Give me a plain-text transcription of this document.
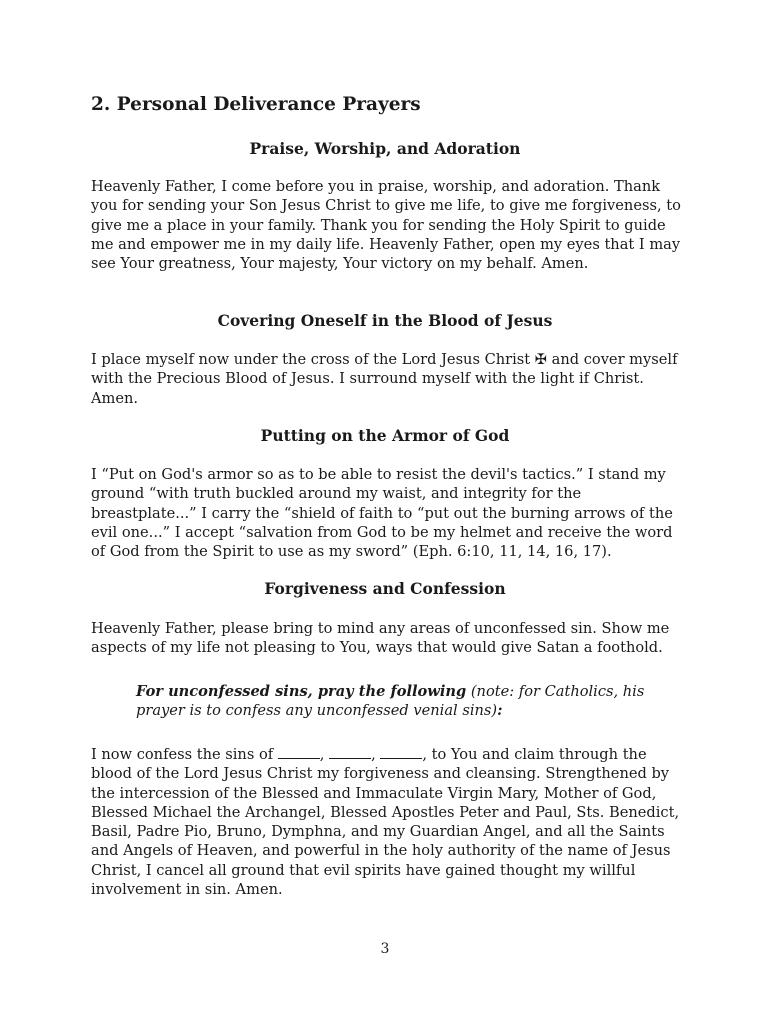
2. Personal Deliverance Prayers
Praise, Worship, and Adoration

Heavenly Father, I come before you in praise, worship, and adoration. Thank you for sending your Son Jesus Christ to give me life, to give me forgiveness, to give me a place in your family. Thank you for sending the Holy Spirit to guide me and empower me in my daily life. Heavenly Father, open my eyes that I may see Your greatness, Your majesty, Your victory on my behalf. Amen.

Covering Oneself in the Blood of Jesus

I place myself now under the cross of the Lord Jesus Christ ✠ and cover myself with the Precious Blood of Jesus. I surround myself with the light if Christ. Amen.

Putting on the Armor of God

I “Put on God's armor so as to be able to resist the devil's tactics.” I stand my ground “with truth buckled around my waist, and integrity for the breastplate...” I carry the “shield of faith to “put out the burning arrows of the evil one...” I accept “salvation from God to be my helmet and receive the word of God from the Spirit to use as my sword” (Eph. 6:10, 11, 14, 16, 17).

Forgiveness and Confession

Heavenly Father, please bring to mind any areas of unconfessed sin. Show me aspects of my life not pleasing to You, ways that would give Satan a foothold.

For unconfessed sins, pray the following (note: for Catholics, his prayer is to confess any unconfessed venial sins):

I now confess the sins of	,	,	, to You and claim through the blood of the Lord Jesus Christ my forgiveness and cleansing. Strengthened by the intercession of the Blessed and Immaculate Virgin Mary, Mother of God, Blessed Michael the Archangel, Blessed Apostles Peter and Paul, Sts. Benedict, Basil, Padre Pio, Bruno, Dymphna, and my Guardian Angel, and all the Saints and Angels of Heaven, and powerful in the holy authority of the name of Jesus Christ, I cancel all ground that evil spirits have gained thought my willful involvement in sin. Amen.

3
